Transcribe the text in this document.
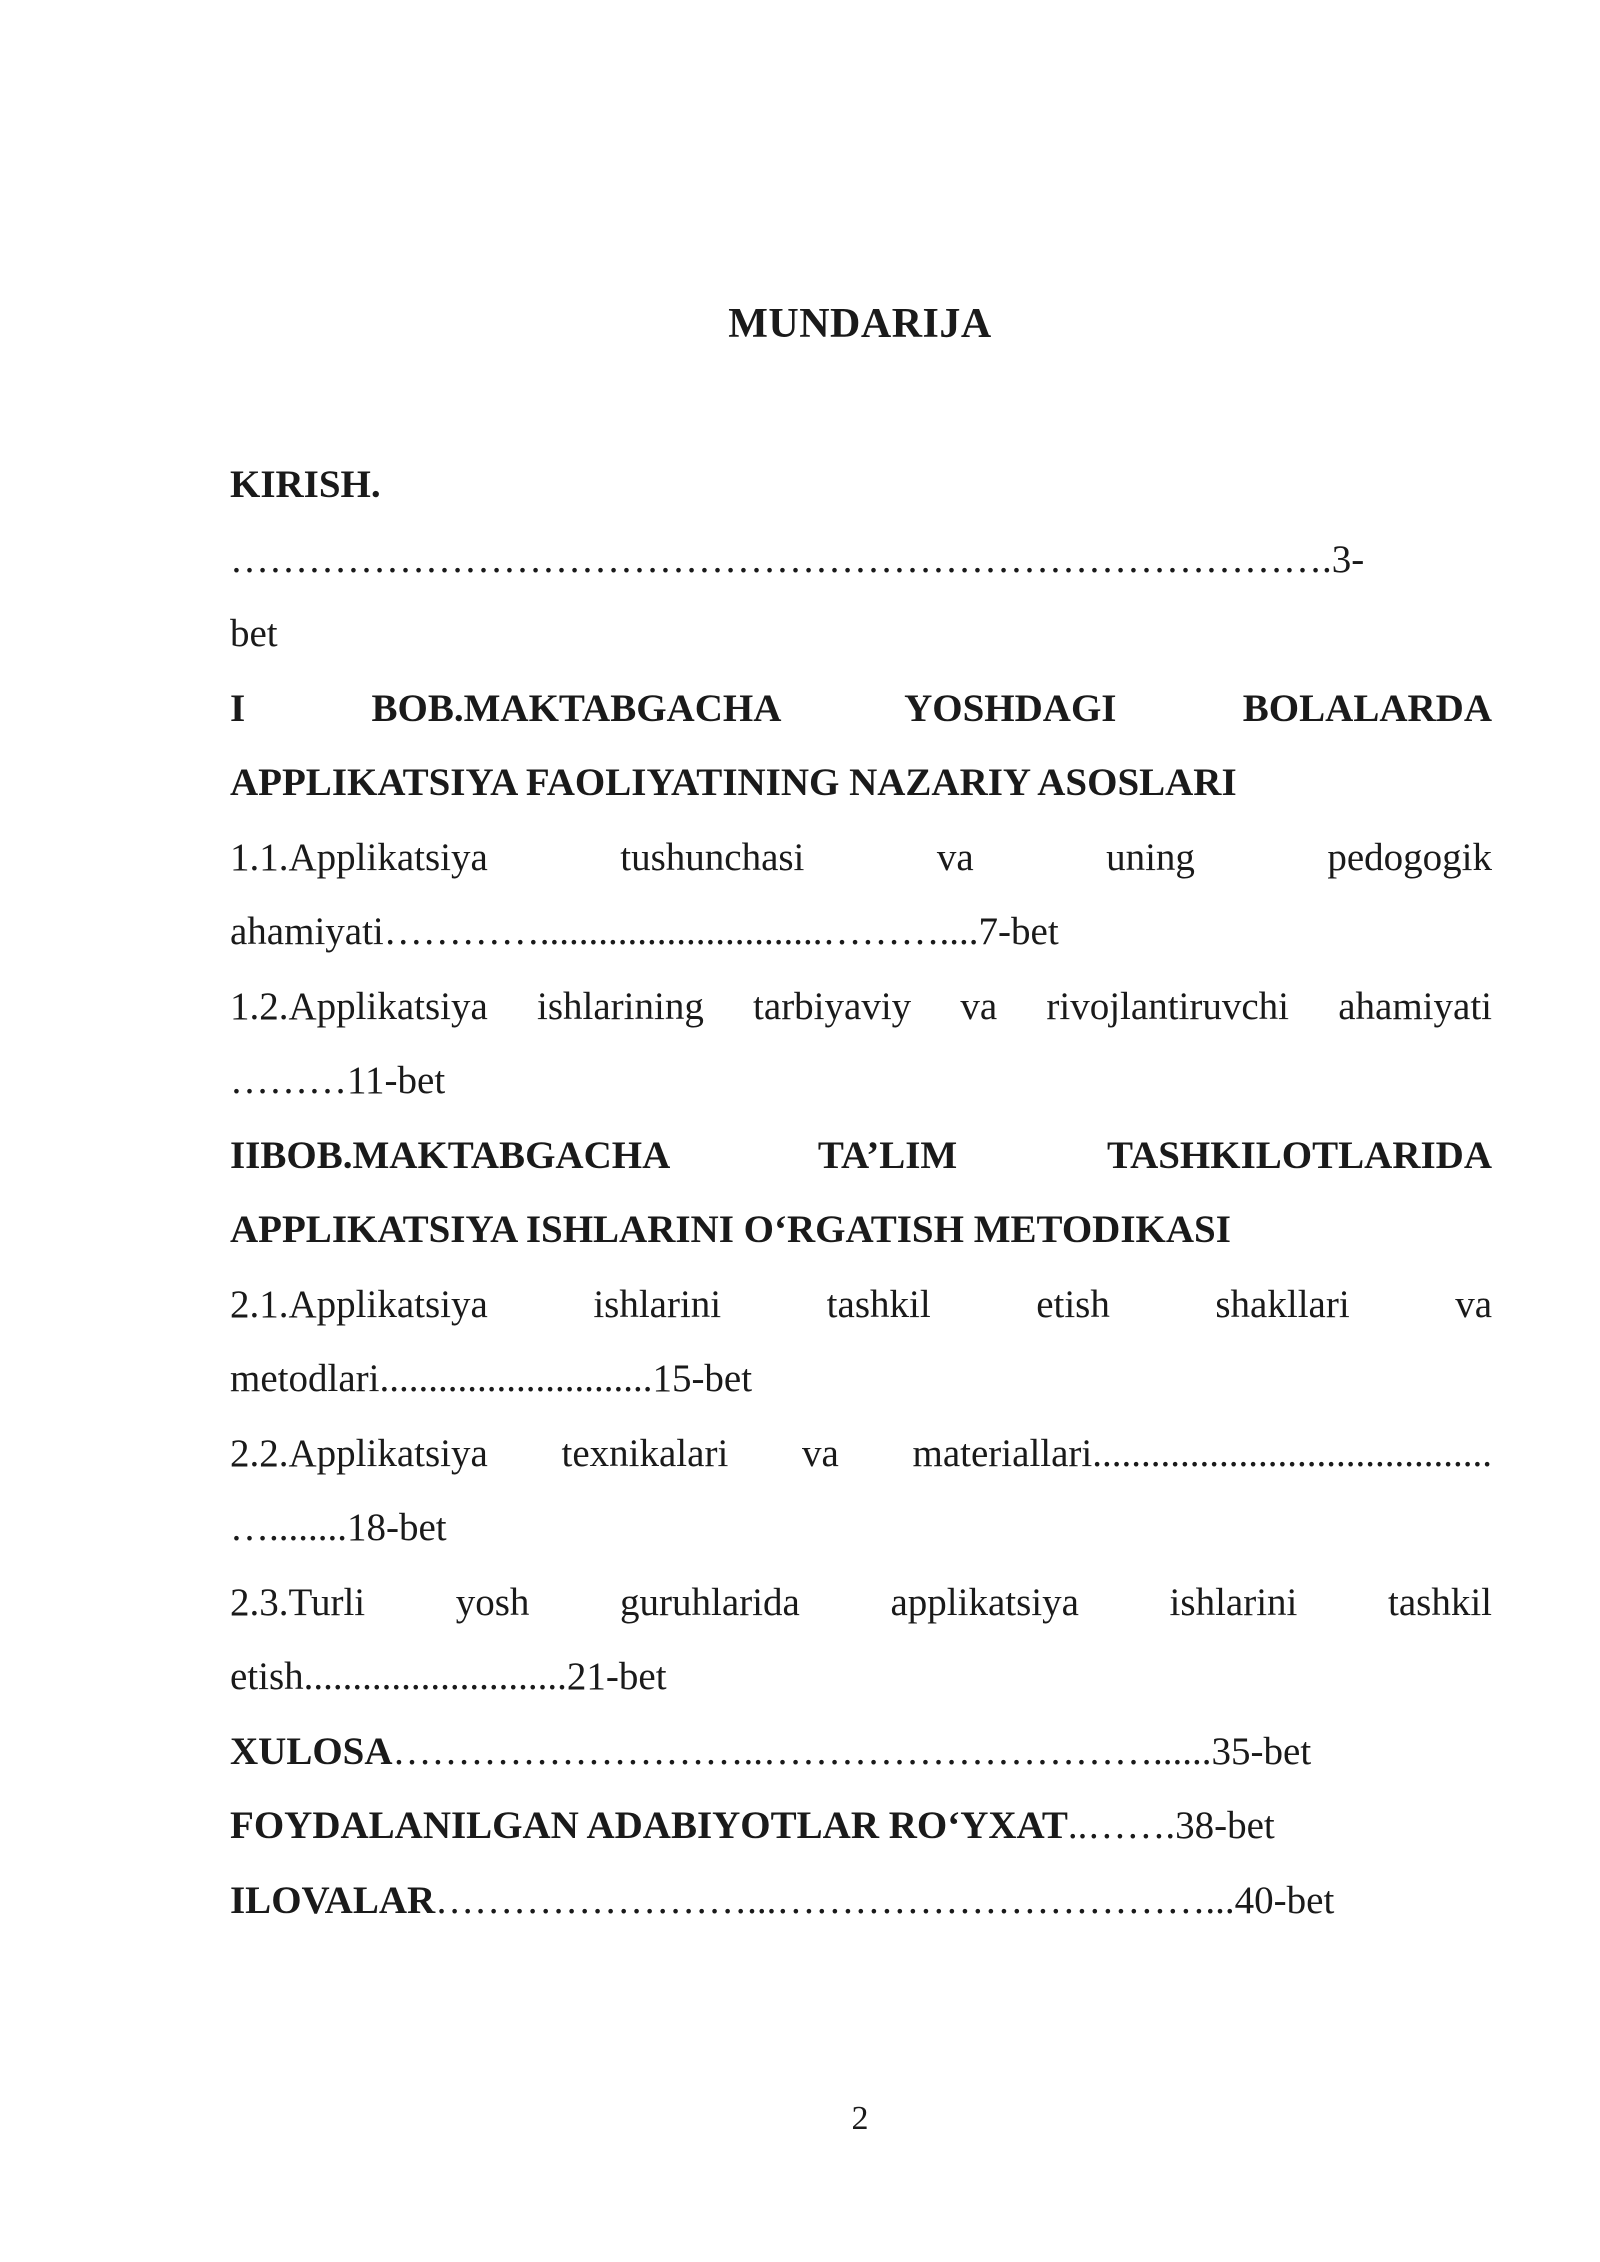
MUNDARIJA
KIRISH.
………………………………………………………………………….3-
bet
I BOB.MAKTABGACHA YOSHDAGI BOLALARDA
APPLIKATSIYA FAOLIYATINING NAZARIY ASOSLARI
1.1.Applikatsiya tushunchasi va uning pedogogik
ahamiyati………….............................………....7-bet
1.2.Applikatsiya ishlarining tarbiyaviy va rivojlantiruvchi ahamiyati
………11-bet
IIBOB.MAKTABGACHA TA’LIM TASHKILOTLARIDA
APPLIKATSIYA ISHLARINI O‘RGATISH METODIKASI
2.1.Applikatsiya ishlarini tashkil etish shakllari va
metodlari............................15-bet
2.2.Applikatsiya texnikalari va materiallari.........................................
…........18-bet
2.3.Turli yosh guruhlarida applikatsiya ishlarini tashkil
etish...........................21-bet
XULOSA………………………..…………………………......35-bet
FOYDALANILGAN ADABIYOTLAR RO‘YXAT..…….38-bet
ILOVALAR……………………...……………………………...40-bet
2
